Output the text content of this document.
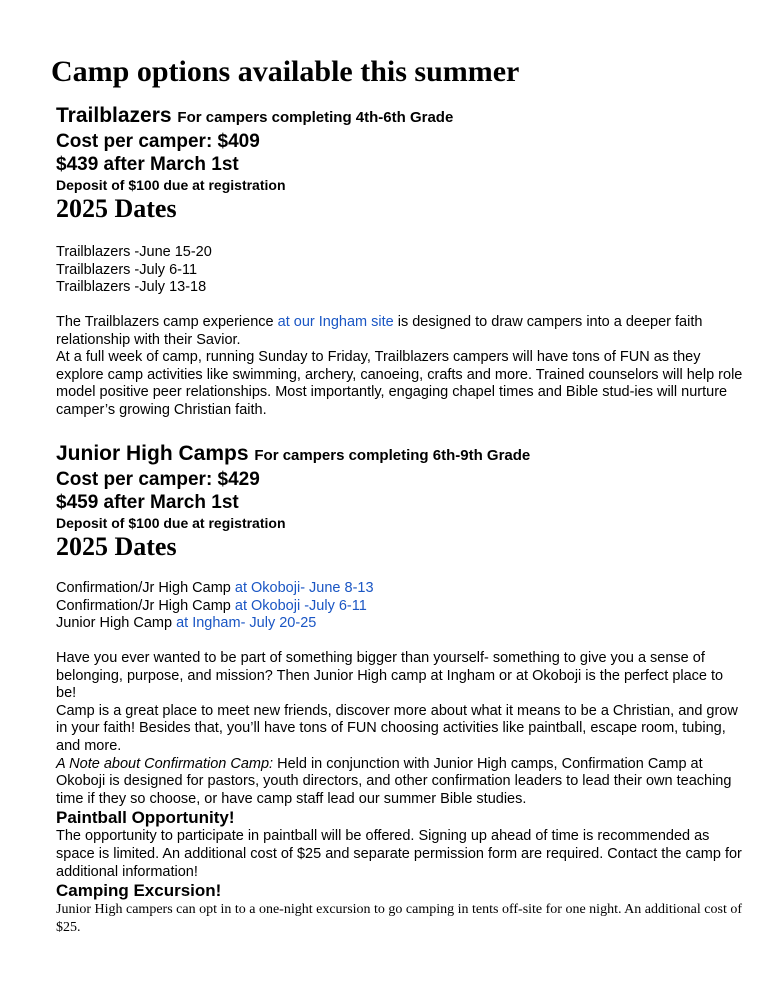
Camp options available this summer
Trailblazers For campers completing 4th-6th Grade
Cost per camper: $409
$439 after March 1st
Deposit of $100 due at registration
2025 Dates
Trailblazers -June 15-20
Trailblazers -July 6-11
Trailblazers -July 13-18

The Trailblazers camp experience at our Ingham site is designed to draw campers into a deeper faith relationship with their Savior.

At a full week of camp, running Sunday to Friday, Trailblazers campers will have tons of FUN as they explore camp activities like swimming, archery, canoeing, crafts and more. Trained counselors will help role model positive peer relationships. Most importantly, engaging chapel times and Bible stud-ies will nurture camper’s growing Christian faith.

Junior High Camps For campers completing 6th-9th Grade
Cost per camper: $429
$459 after March 1st
Deposit of $100 due at registration
2025 Dates
Confirmation/Jr High Camp at Okoboji- June 8-13
Confirmation/Jr High Camp at Okoboji -July 6-11
Junior High Camp at Ingham- July 20-25

Have you ever wanted to be part of something bigger than yourself- something to give you a sense of belonging, purpose, and mission? Then Junior High camp at Ingham or at Okoboji is the perfect place to be!

Camp is a great place to meet new friends, discover more about what it means to be a Christian, and grow in your faith! Besides that, you’ll have tons of FUN choosing activities like paintball, escape room, tubing, and more.

A Note about Confirmation Camp: Held in conjunction with Junior High camps, Confirmation Camp at Okoboji is designed for pastors, youth directors, and other confirmation leaders to lead their own teaching time if they so choose, or have camp staff lead our summer Bible studies.

Paintball Opportunity!

The opportunity to participate in paintball will be offered. Signing up ahead of time is recommended as space is limited. An additional cost of $25 and separate permission form are required. Contact the camp for additional information!

Camping Excursion!

Junior High campers can opt in to a one-night excursion to go camping in tents off-site for one night. An additional cost of $25.
